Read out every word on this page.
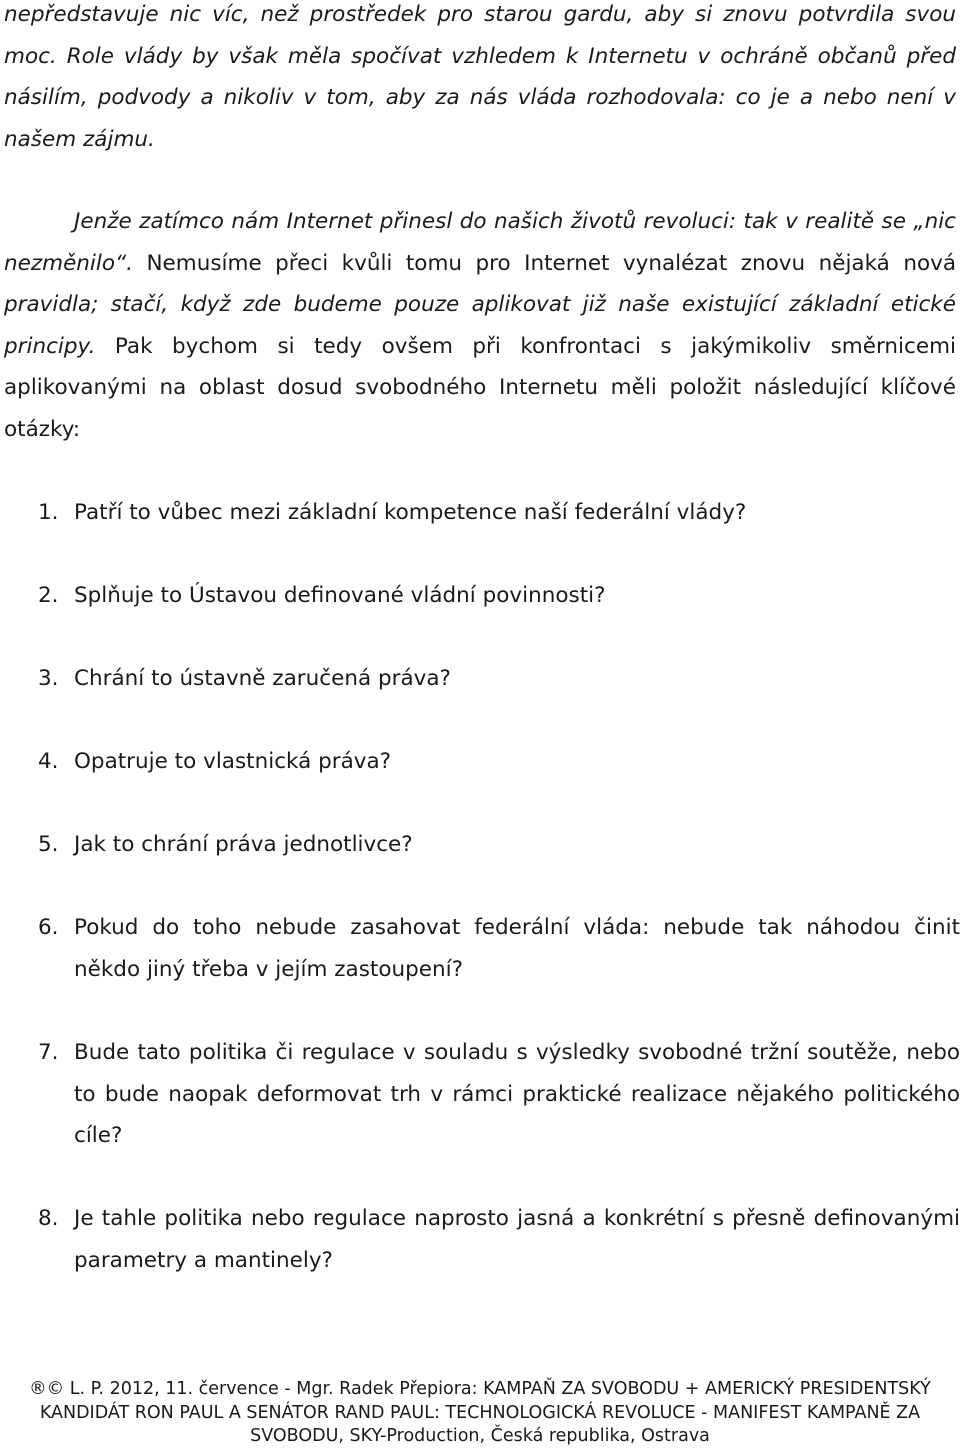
nepředstavuje nic víc, než prostředek pro starou gardu, aby si znovu potvrdila svou moc. Role vlády by však měla spočívat vzhledem k Internetu v ochráně občanů před násilím, podvody a nikoliv v tom, aby za nás vláda rozhodovala: co je a nebo není v našem zájmu.

Jenže zatímco nám Internet přinesl do našich životů revoluci: tak v realitě se „nic nezměnilo“. Nemusíme přeci kvůli tomu pro Internet vynalézat znovu nějaká nová pravidla; stačí, když zde budeme pouze aplikovat již naše existující základní etické principy. Pak bychom si tedy ovšem při konfrontaci s jakýmikoliv směrnicemi aplikovanými na oblast dosud svobodného Internetu měli položit následující klíčové otázky:

1. Patří to vůbec mezi základní kompetence naší federální vlády?
2. Splňuje to Ústavou definované vládní povinnosti?
3. Chrání to ústavně zaručená práva?
4. Opatruje to vlastnická práva?
5. Jak to chrání práva jednotlivce?
6. Pokud do toho nebude zasahovat federální vláda: nebude tak náhodou činit někdo jiný třeba v jejím zastoupení?
7. Bude tato politika či regulace v souladu s výsledky svobodné tržní soutěže, nebo to bude naopak deformovat trh v rámci praktické realizace nějakého politického cíle?
8. Je tahle politika nebo regulace naprosto jasná a konkrétní s přesně definovanými parametry a mantinely?

®© L. P. 2012, 11. července - Mgr. Radek Přepiora: KAMPAŇ ZA SVOBODU + AMERICKÝ PRESIDENTSKÝ KANDIDÁT RON PAUL A SENÁTOR RAND PAUL: TECHNOLOGICKÁ REVOLUCE - MANIFEST KAMPANĚ ZA SVOBODU, SKY-Production, Česká republika, Ostrava
